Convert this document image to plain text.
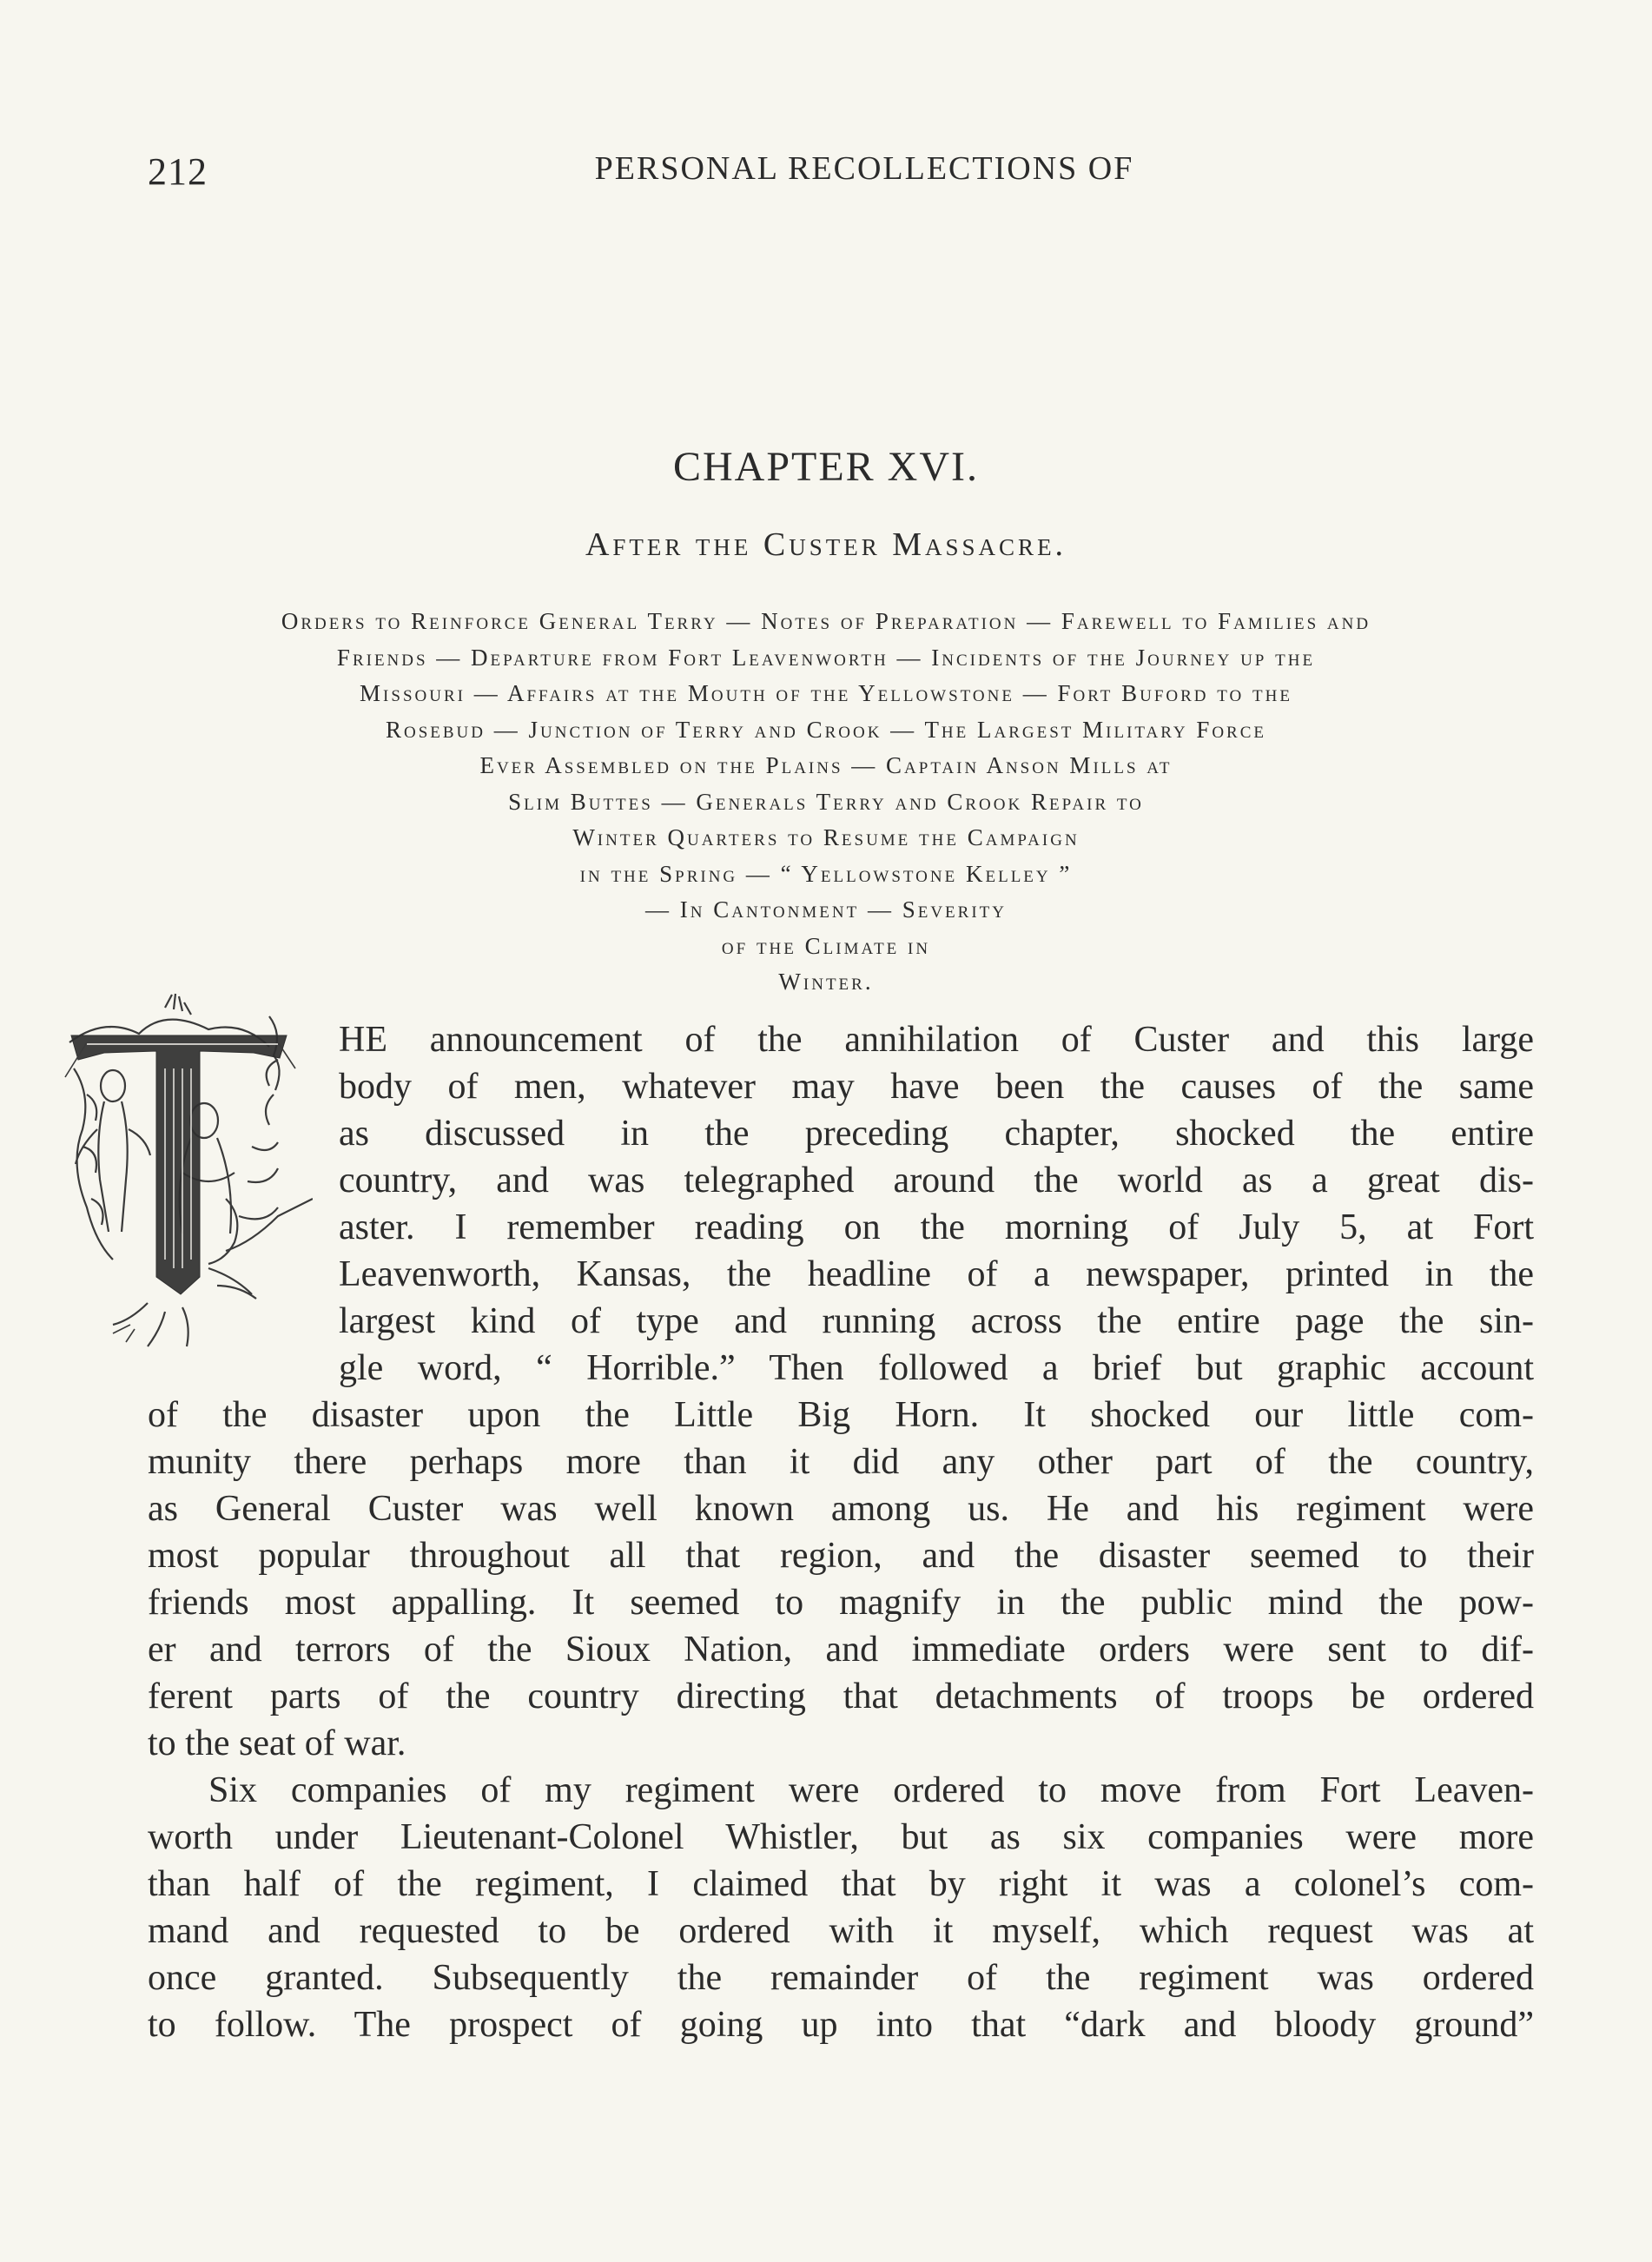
212	PERSONAL RECOLLECTIONS OF
CHAPTER XVI.
After the Custer Massacre.
Orders to Reinforce General Terry — Notes of Preparation — Farewell to Families and
Friends — Departure from Fort Leavenworth — Incidents of the Journey up the
Missouri — Affairs at the Mouth of the Yellowstone — Fort Buford to the
Rosebud — Junction of Terry and Crook — The Largest Military Force
Ever Assembled on the Plains — Captain Anson Mills at
Slim Buttes — Generals Terry and Crook Repair to
Winter Quarters to Resume the Campaign
in the Spring — “ Yellowstone Kelley ”
— In Cantonment — Severity
of the Climate in
Winter.
HE announcement of the annihilation of Custer and this large
body of men, whatever may have been the causes of the same
as discussed in the preceding chapter, shocked the entire
country, and was telegraphed around the world as a great dis-
aster. I remember reading on the morning of July 5, at Fort
Leavenworth, Kansas, the headline of a newspaper, printed in the
largest kind of type and running across the entire page the sin-
gle word, “ Horrible.” Then followed a brief but graphic account
of the disaster upon the Little Big Horn. It shocked our little com-
munity there perhaps more than it did any other part of the country,
as General Custer was well known among us. He and his regiment were
most popular throughout all that region, and the disaster seemed to their
friends most appalling. It seemed to magnify in the public mind the pow-
er and terrors of the Sioux Nation, and immediate orders were sent to dif-
ferent parts of the country directing that detachments of troops be ordered
to the seat of war.
Six companies of my regiment were ordered to move from Fort Leaven-
worth under Lieutenant-Colonel Whistler, but as six companies were more
than half of the regiment, I claimed that by right it was a colonel’s com-
mand and requested to be ordered with it myself, which request was at
once granted. Subsequently the remainder of the regiment was ordered
to follow. The prospect of going up into that “dark and bloody ground”
